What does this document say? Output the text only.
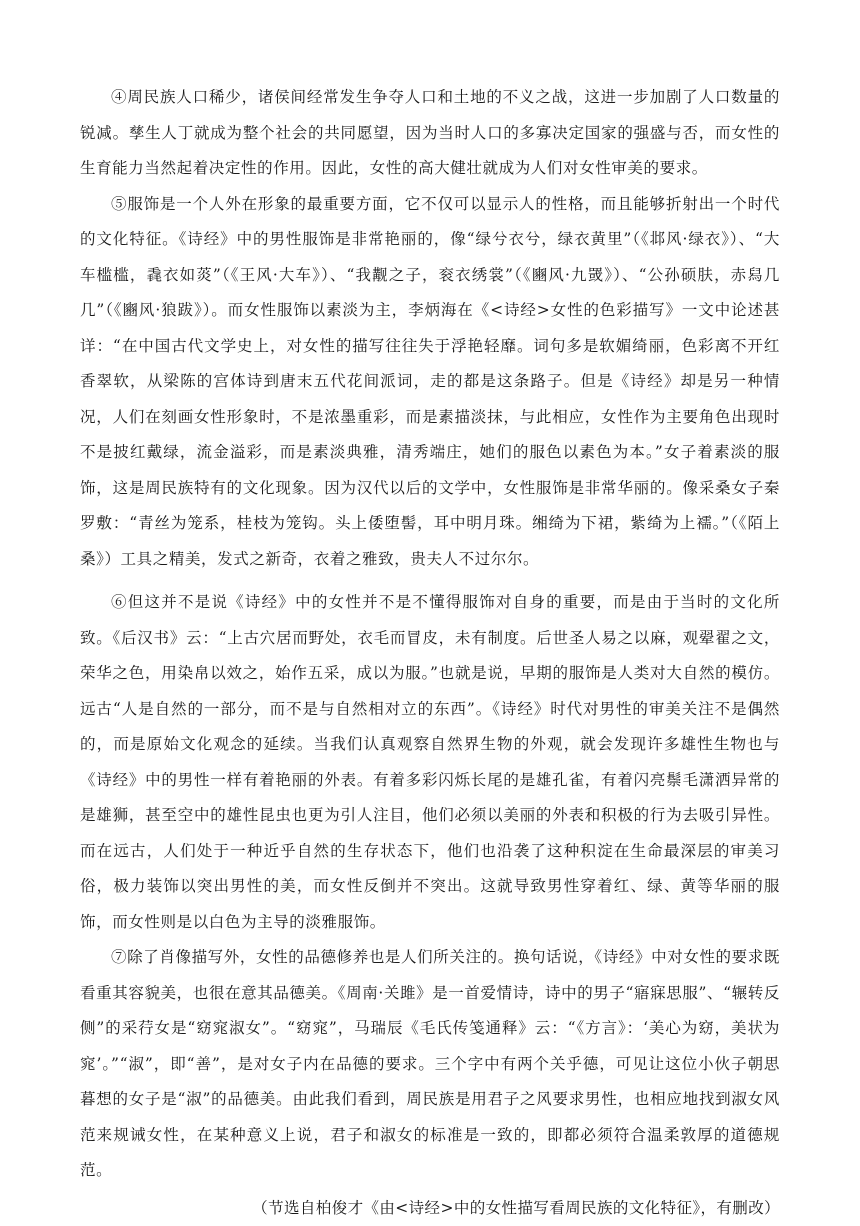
④周民族人口稀少，诸侯间经常发生争夺人口和土地的不义之战，这进一步加剧了人口数量的锐减。孳生人丁就成为整个社会的共同愿望，因为当时人口的多寡决定国家的强盛与否，而女性的生育能力当然起着决定性的作用。因此，女性的高大健壮就成为人们对女性审美的要求。

⑤服饰是一个人外在形象的最重要方面，它不仅可以显示人的性格，而且能够折射出一个时代的文化特征。《诗经》中的男性服饰是非常艳丽的，像“绿兮衣兮，绿衣黄里”（《邶风·绿衣》）、“大车槛槛，毳衣如菼”（《王风·大车》）、“我觏之子，衮衣绣裳”（《豳风·九罭》）、“公孙硕肤，赤舄几几”（《豳风·狼跋》）。而女性服饰以素淡为主，李炳海在《<诗经>女性的色彩描写》一文中论述甚详：“在中国古代文学史上，对女性的描写往往失于浮艳轻靡。词句多是软媚绮丽，色彩离不开红香翠软，从梁陈的宫体诗到唐末五代花间派词，走的都是这条路子。但是《诗经》却是另一种情况，人们在刻画女性形象时，不是浓墨重彩，而是素描淡抹，与此相应，女性作为主要角色出现时不是披红戴绿，流金溢彩，而是素淡典雅，清秀端庄，她们的服色以素色为本。”女子着素淡的服饰，这是周民族特有的文化现象。因为汉代以后的文学中，女性服饰是非常华丽的。像采桑女子秦罗敷：“青丝为笼系，桂枝为笼钩。头上倭堕髻，耳中明月珠。缃绮为下裙，紫绮为上襦。”（《陌上桑》）工具之精美，发式之新奇，衣着之雅致，贵夫人不过尔尔。

⑥但这并不是说《诗经》中的女性并不是不懂得服饰对自身的重要，而是由于当时的文化所致。《后汉书》云：“上古穴居而野处，衣毛而冒皮，未有制度。后世圣人易之以麻，观翚翟之文，荣华之色，用染帛以效之，始作五采，成以为服。”也就是说，早期的服饰是人类对大自然的模仿。远古“人是自然的一部分，而不是与自然相对立的东西”。《诗经》时代对男性的审美关注不是偶然的，而是原始文化观念的延续。当我们认真观察自然界生物的外观，就会发现许多雄性生物也与《诗经》中的男性一样有着艳丽的外表。有着多彩闪烁长尾的是雄孔雀，有着闪亮鬃毛潇洒异常的是雄狮，甚至空中的雄性昆虫也更为引人注目，他们必须以美丽的外表和积极的行为去吸引异性。而在远古，人们处于一种近乎自然的生存状态下，他们也沿袭了这种积淀在生命最深层的审美习俗，极力装饰以突出男性的美，而女性反倒并不突出。这就导致男性穿着红、绿、黄等华丽的服饰，而女性则是以白色为主导的淡雅服饰。

⑦除了肖像描写外，女性的品德修养也是人们所关注的。换句话说，《诗经》中对女性的要求既看重其容貌美，也很在意其品德美。《周南·关雎》是一首爱情诗，诗中的男子“寤寐思服”、“辗转反侧”的采荇女是“窈窕淑女”。“窈窕”，马瑞辰《毛氏传笺通释》云：“《方言》：‘美心为窈，美状为窕’。”“淑”，即“善”，是对女子内在品德的要求。三个字中有两个关乎德，可见让这位小伙子朝思暮想的女子是“淑”的品德美。由此我们看到，周民族是用君子之风要求男性，也相应地找到淑女风范来规诫女性，在某种意义上说，君子和淑女的标准是一致的，即都必须符合温柔敦厚的道德规范。

（节选自柏俊才《由<诗经>中的女性描写看周民族的文化特征》，有删改）
